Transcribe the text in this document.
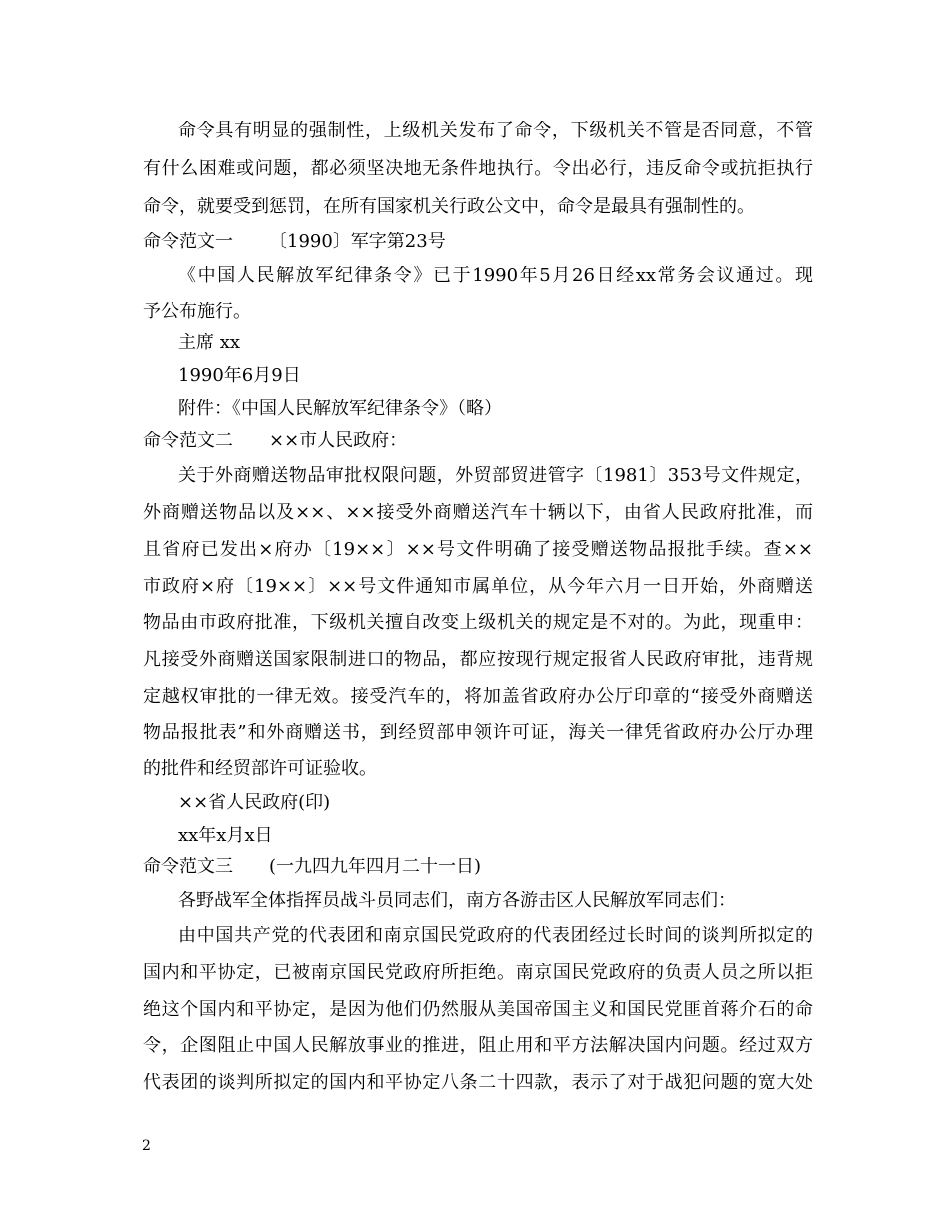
命令具有明显的强制性，上级机关发布了命令，下级机关不管是否同意，不管
有什么困难或问题，都必须坚决地无条件地执行。令出必行，违反命令或抗拒执行
命令，就要受到惩罚，在所有国家机关行政公文中，命令是最具有强制性的。
命令范文一 〔1990〕军字第23号
《中国人民解放军纪律条令》已于1990年5月26日经xx常务会议通过。现
予公布施行。
主席 xx
1990年6月9日
附件：《中国人民解放军纪律条令》（略）
命令范文二 ××市人民政府：
关于外商赠送物品审批权限问题，外贸部贸进管字〔1981〕353号文件规定，
外商赠送物品以及××、××接受外商赠送汽车十辆以下，由省人民政府批准，而
且省府已发出×府办〔19××〕××号文件明确了接受赠送物品报批手续。查××
市政府×府〔19××〕××号文件通知市属单位，从今年六月一日开始，外商赠送
物品由市政府批准，下级机关擅自改变上级机关的规定是不对的。为此，现重申：
凡接受外商赠送国家限制进口的物品，都应按现行规定报省人民政府审批，违背规
定越权审批的一律无效。接受汽车的，将加盖省政府办公厅印章的“接受外商赠送
物品报批表”和外商赠送书，到经贸部申领许可证，海关一律凭省政府办公厅办理
的批件和经贸部许可证验收。
××省人民政府(印)
xx年x月x日
命令范文三 (一九四九年四月二十一日)
各野战军全体指挥员战斗员同志们，南方各游击区人民解放军同志们：
由中国共产党的代表团和南京国民党政府的代表团经过长时间的谈判所拟定的
国内和平协定，已被南京国民党政府所拒绝。南京国民党政府的负责人员之所以拒
绝这个国内和平协定，是因为他们仍然服从美国帝国主义和国民党匪首蒋介石的命
令，企图阻止中国人民解放事业的推进，阻止用和平方法解决国内问题。经过双方
代表团的谈判所拟定的国内和平协定八条二十四款，表示了对于战犯问题的宽大处
2
